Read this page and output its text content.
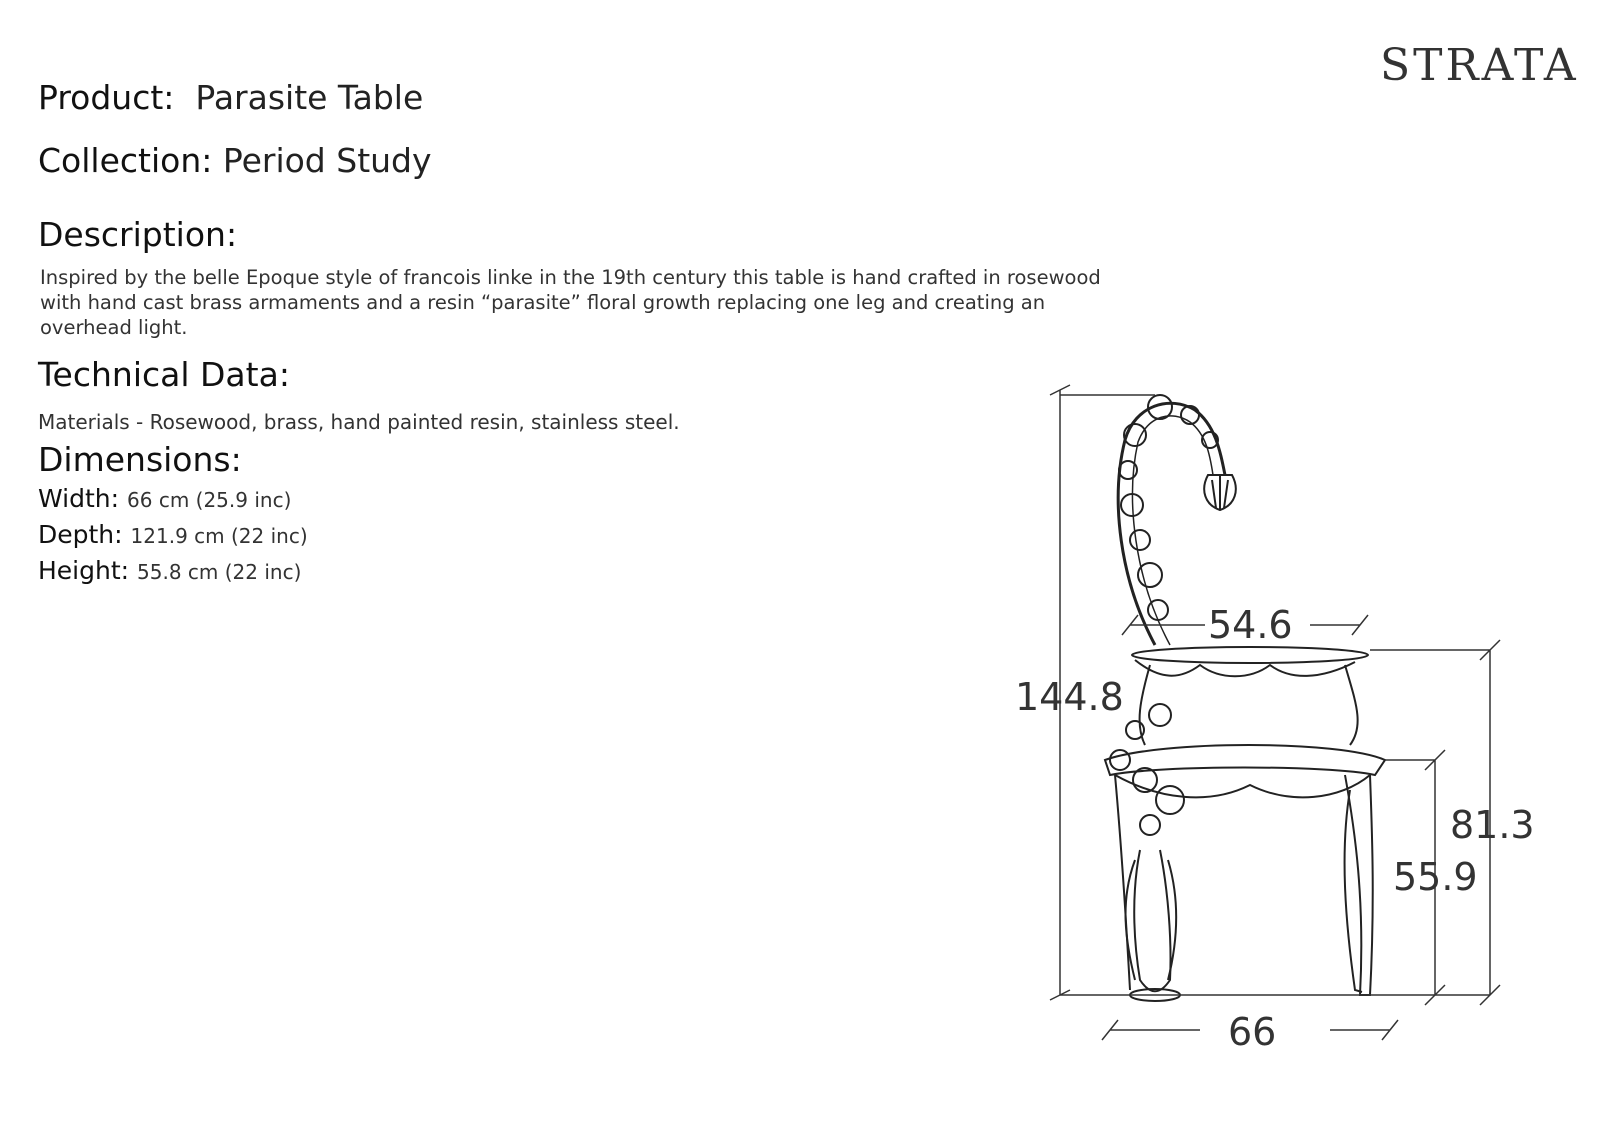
STRATA
Product: Parasite Table
Collection: Period Study
Description:

Inspired by the belle Epoque style of francois linke in the 19th century this table is hand crafted in rosewood with hand cast brass armaments and a resin “parasite” floral growth replacing one leg and creating an overhead light.

Technical Data:
Materials - Rosewood, brass, hand painted resin, stainless steel.
Dimensions:
Width: 66 cm (25.9 inc)
Depth: 121.9 cm (22 inc)
Height: 55.8 cm (22 inc)
144.8
54.6
81.3
55.9
66
